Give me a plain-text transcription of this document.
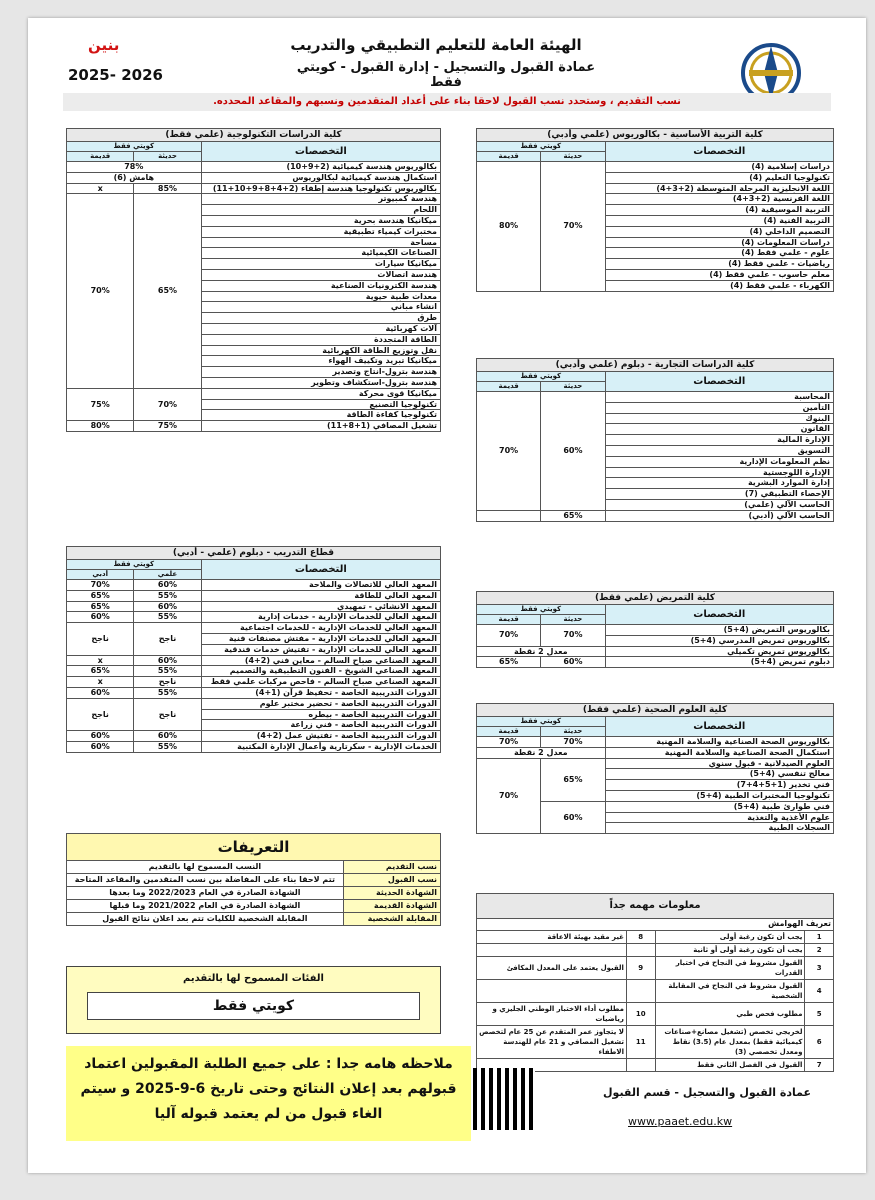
الهيئة العامة للتعليم التطبيقي والتدريب
عمادة القبول والتسجيل - إدارة القبول - كويتي فقط
بنين
2025- 2026
نسب التقديم ، وستحدد نسب القبول لاحقا بناء على أعداد المتقدمين ونسبهم والمقاعد المحدده.
كلية الدراسات التكنولوجية (علمي فقط)		
التخصصات	كويتي فقط	
	حديثة	قديمة
بكالوريوس هندسة كيميائية (2+9+10)	78%	
استكمال هندسة كيميائية لبكالوريوس	هامش (6)	
بكالوريوس تكنولوجيا هندسة إطفاء (2+4+8+9+10+11)	85%	x
هندسة كمبيوتر	65%	70%
اللحام		
ميكانيكا هندسة بحرية		
مختبرات كيمياء تطبيقية		
مساحة		
الصناعات الكيميائية		
ميكانيكا سيارات		
هندسة اتصالات		
هندسة الكترونيات الصناعية		
معدات طبية حيوية		
انشاء مباني		
طرق		
آلات كهربائية		
الطاقة المتجددة		
نقل وتوزيع الطاقة الكهربائية		
ميكانيكا تبريد وتكييف الهواء		
هندسة بترول-انتاج وتصدير		
هندسة بترول-استكشاف وتطوير		
ميكانيكا قوى محركة	70%	75%
تكنولوجيا التصنيع		
تكنولوجيا كفاءة الطاقة		
تشغيل المصافي (1+8+11)	75%	80%
قطاع التدريب - دبلوم (علمي - أدبي)		
التخصصات	كويتي فقط	
	علمي	أدبي
المعهد العالي للاتصالات والملاحة	60%	70%
المعهد العالي للطاقة	55%	65%
المعهد الانشائي - تمهيدي	60%	65%
المعهد العالي للخدمات الإدارية - خدمات إدارية	55%	60%
المعهد العالي للخدمات الإدارية - للخدمات اجتماعية	ناجح	ناجح
المعهد العالي للخدمات الإدارية - مفتش مصنفات فنية		
المعهد العالي للخدمات الإدارية - تفتيش خدمات فندقية		
المعهد الصناعي صباح السالم - معاين فني (2+4)	60%	x
المعهد الصناعي الشويخ - الفنون التطبيقية والتصميم	55%	65%
المعهد الصناعي صباح السالم - فاحص مركبات علمي فقط	ناجح	x
الدورات التدريبية الخاصة - تحفيظ قرآن (1+4)	55%	60%
الدورات التدريبية الخاصة - تحضير مختبر علوم	ناجح	ناجح
الدورات التدريبية الخاصة - بيطره		
الدورات التدريبية الخاصة - فني زراعة		
الدورات التدريبية الخاصة - تفتيش عمل (2+4)	60%	60%
الخدمات الإدارية - سكرتارية وأعمال الإدارة المكتبية	55%	60%
التعريفات	
نسب التقديم	النسب المسموح لها بالتقديم
نسب القبول	تتم لاحقا بناء على المفاضلة بين نسب المتقدمين والمقاعد المتاحة
الشهادة الحديثة	الشهادة الصادرة في العام 2022/2023 وما بعدها
الشهادة القديمة	الشهادة الصادرة في العام 2021/2022 وما قبلها
المقابلة الشخصية	المقابلة الشخصية للكليات تتم بعد اعلان نتائج القبول
الفئات المسموح لها بالتقديم
كويتي فقط
ملاحظه هامه جدا : على جميع الطلبة المقبولين اعتماد قبولهم بعد إعلان النتائج وحتى تاريخ 6-9-2025 و سيتم الغاء قبول من لم يعتمد قبوله آليا
كلية التربية الأساسية - بكالوريوس (علمي وأدبي)		
التخصصات	كويتي فقط	
	حديثة	قديمة
دراسات إسلامية (4)	70%	80%
تكنولوجيا التعليم (4)		
اللغة الانجليزية المرحلة المتوسطة (2+3+4)		
اللغة الفرنسية (2+3+4)		
التربية الموسيقية (4)		
التربية الفنية (4)		
التصميم الداخلي (4)		
دراسات المعلومات (4)		
علوم - علمي فقط (4)		
رياضيات - علمي فقط (4)		
معلم حاسوب - علمي فقط (4)		
الكهرباء - علمي فقط (4)		
كلية الدراسات التجارية - دبلوم (علمي وأدبي)		
التخصصات	كويتي فقط	
	حديثة	قديمة
المحاسبة	60%	70%
التأمين		
البنوك		
القانون		
الإدارة المالية		
التسويق		
نظم المعلومات الإدارية		
الإدارة اللوجستية		
إدارة الموارد البشرية		
الإحصاء التطبيقي (7)		
الحاسب الآلي (علمي)		
الحاسب الآلي (أدبي)	65%	
كلية التمريض (علمي فقط)		
التخصصات	كويتي فقط	
	حديثة	قديمة
بكالوريوس التمريض (4+5)	70%	70%
بكالوريوس تمريض المدرسي (4+5)		
بكالوريوس تمريض تكميلي	معدل 2 نقطة	
دبلوم تمريض (4+5)	60%	65%
كلية العلوم الصحية (علمي فقط)		
التخصصات	كويتي فقط	
	حديثة	قديمة
بكالوريوس الصحة الصناعية والسلامة المهنية	70%	70%
استكمال الصحة الصناعية والسلامة المهنية	معدل 2 نقطة	
العلوم الصيدلانية - قبول سنوي	65%	70%
معالج تنفسي (4+5)		
فني تخدير (1+5+4+7)		
تكنولوجيا المختبرات الطبية (4+5)		
فني طوارئ طبية (4+5)	60%	
علوم الأغذية والتغذية		
السجلات الطبية		
معلومات مهمه جداً			
تعريف الهوامش			
1	يجب أن تكون رغبة أولى	8	غير مقيد بهيئة الاعاقة
2	يجب أن تكون رغبة أولى أو ثانية		
3	القبول مشروط في النجاح في اختبار القدرات	9	القبول يعتمد على المعدل المكافئ
4	القبول مشروط في النجاح في المقابلة الشخصية		
5	مطلوب فحص طبي	10	مطلوب أداء الاختبار الوطني الجليزي و رياضيات
6	لخريجي تخصص (تشغيل مصانع+صناعات كيميائية فقط) بمعدل عام (3.5) نقاط ومعدل تخصصي (3)	11	لا يتجاوز عمر المتقدم عن 25 عام لتخصص تشغيل المصافي و 21 عام للهندسة الاطفاء
7	القبول في الفصل الثاني فقط		
عمادة القبول والتسجيل - قسم القبول
www.paaet.edu.kw
